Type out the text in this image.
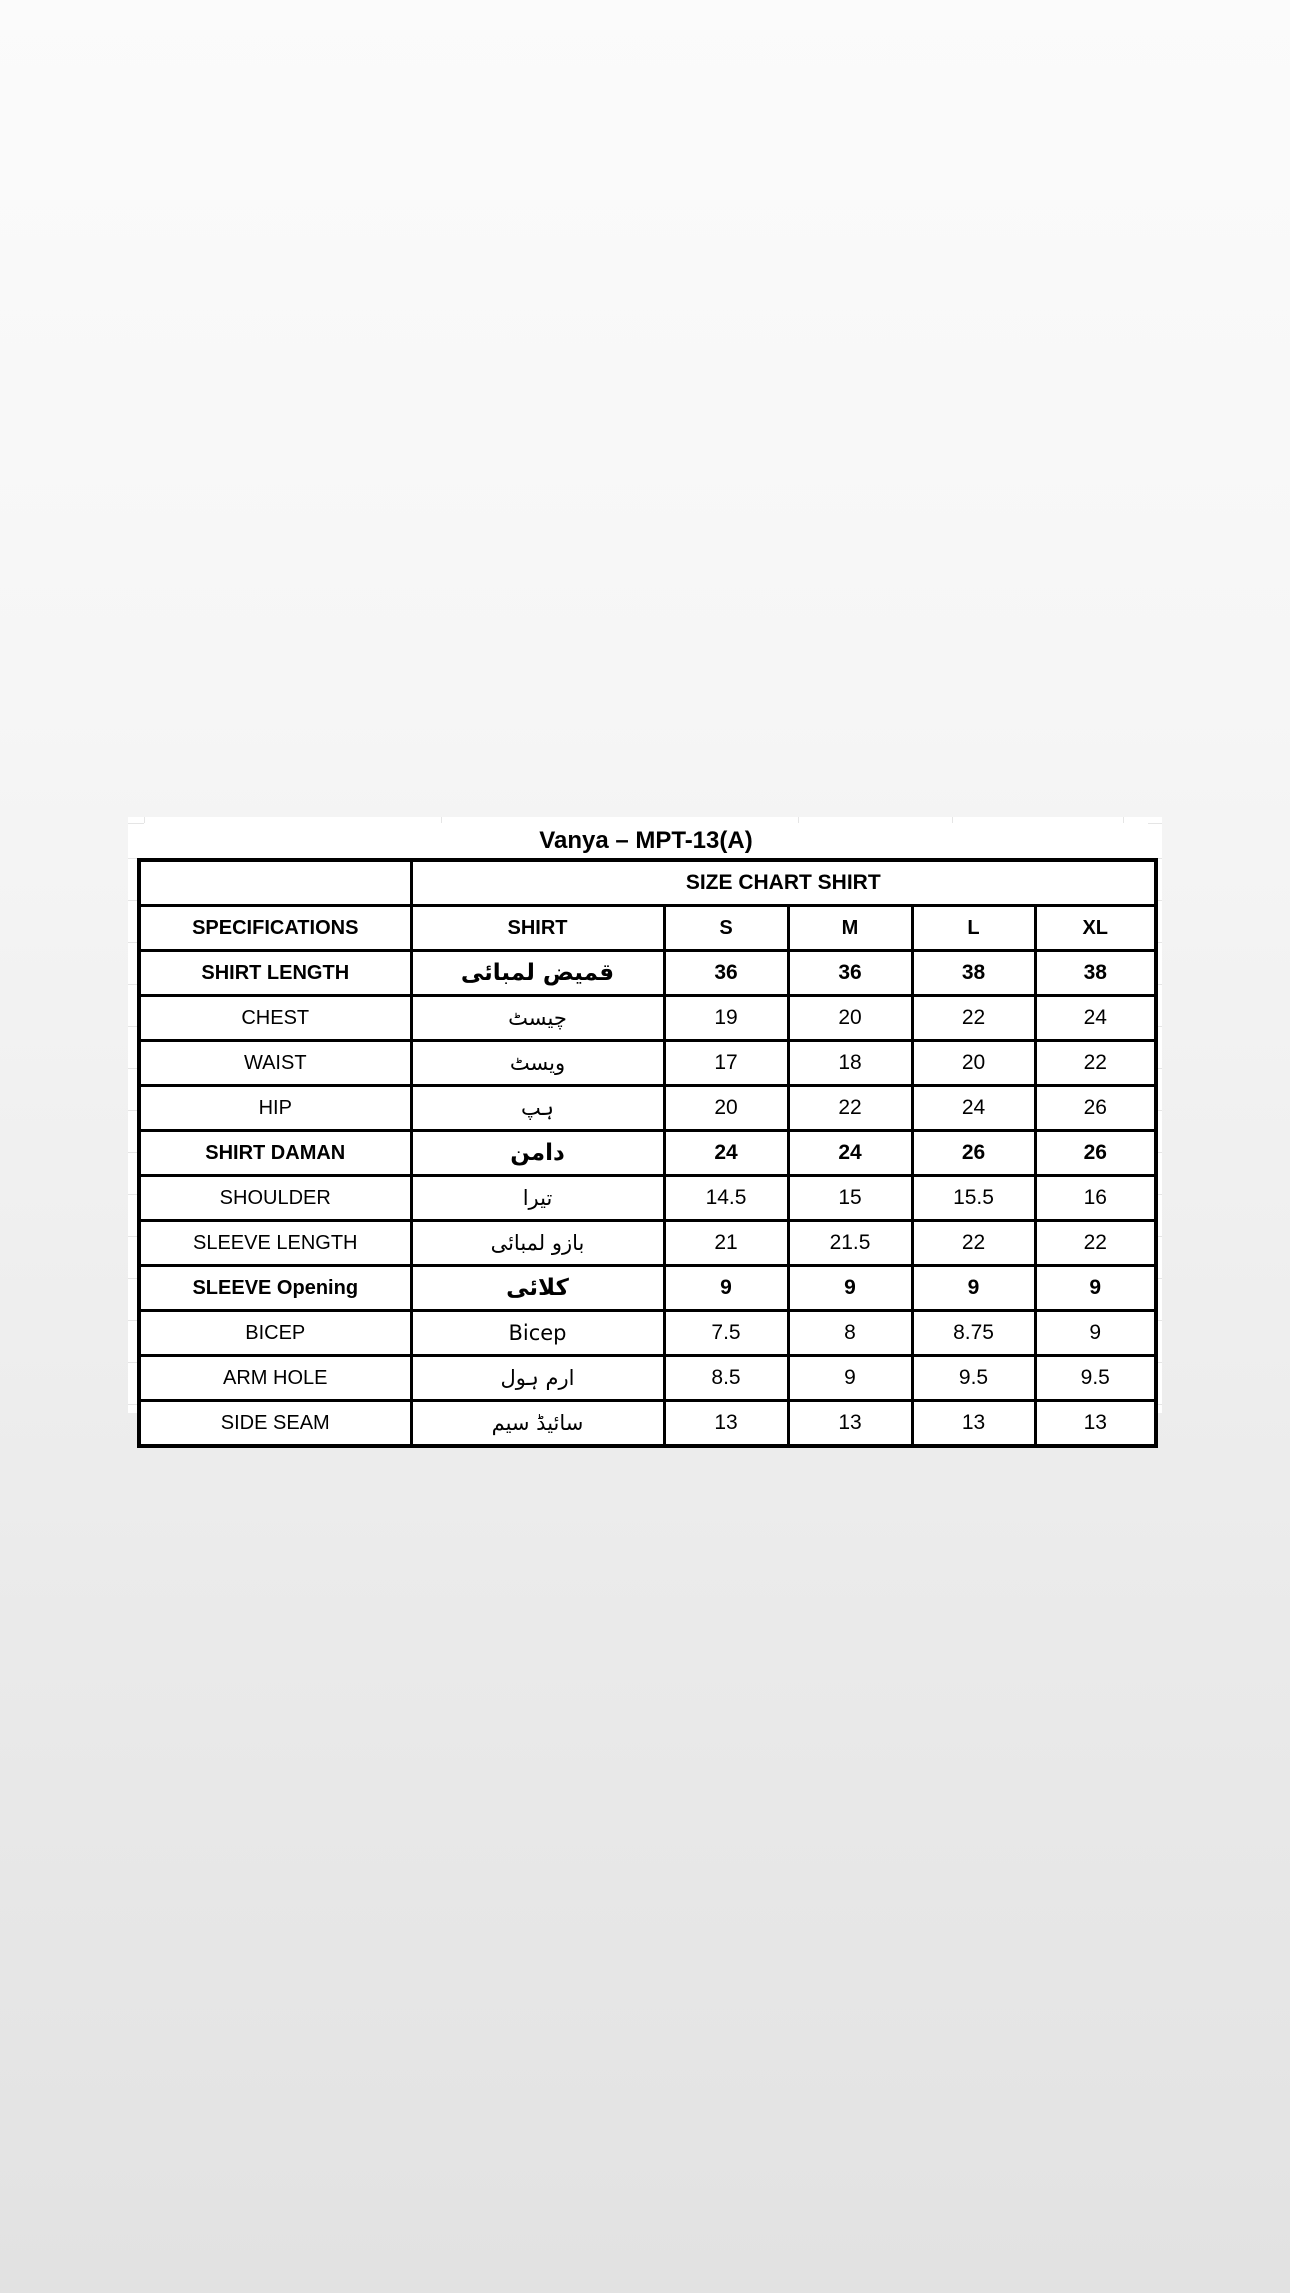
Vanya – MPT-13(A)
	SIZE CHART SHIRT				
SPECIFICATIONS	SHIRT	S	M	L	XL
SHIRT LENGTH	قمیض لمبائی	36	36	38	38
CHEST	چیسٹ	19	20	22	24
WAIST	ویسٹ	17	18	20	22
HIP	ہپ	20	22	24	26
SHIRT DAMAN	دامن	24	24	26	26
SHOULDER	تیرا	14.5	15	15.5	16
SLEEVE LENGTH	بازو لمبائی	21	21.5	22	22
SLEEVE Opening	کلائی	9	9	9	9
BICEP	Bicep	7.5	8	8.75	9
ARM HOLE	ارم ہول	8.5	9	9.5	9.5
SIDE SEAM	سائیڈ سیم	13	13	13	13
